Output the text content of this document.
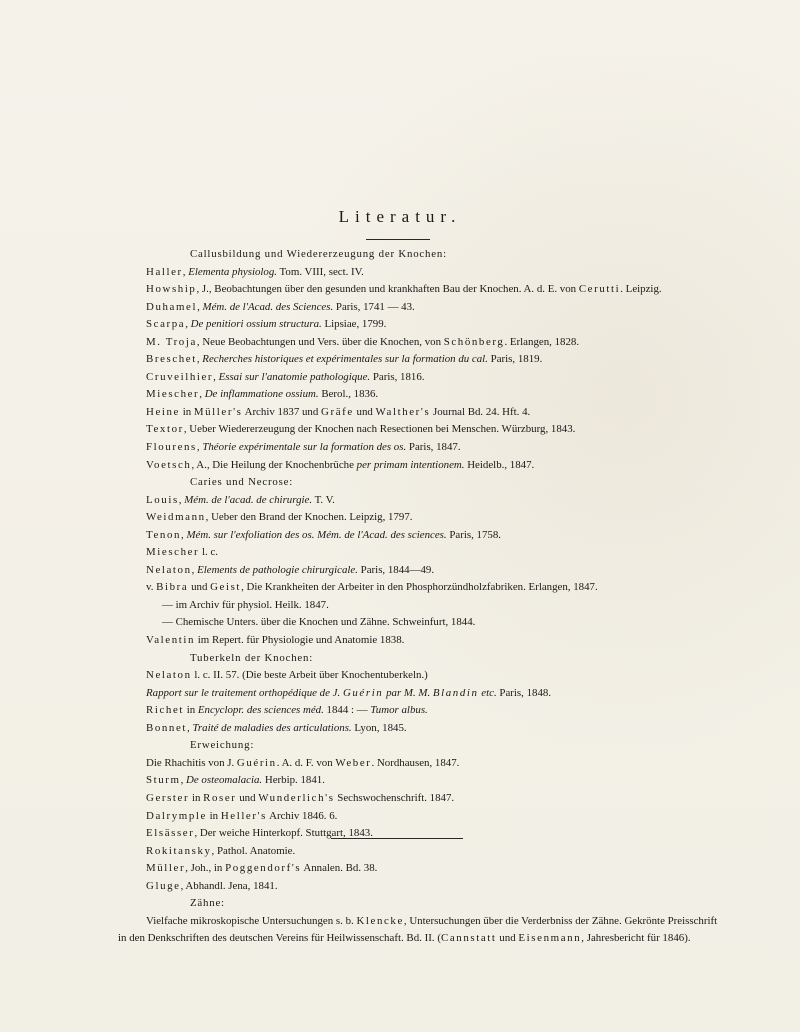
Literatur.
Callusbildung und Wiedererzeugung der Knochen:
Haller, Elementa physiolog. Tom. VIII, sect. IV.
Howship, J., Beobachtungen über den gesunden und krankhaften Bau der Knochen. A. d. E. von Cerutti. Leipzig.
Duhamel, Mém. de l'Acad. des Sciences. Paris, 1741 — 43.
Scarpa, De penitiori ossium structura. Lipsiae, 1799.
M. Troja, Neue Beobachtungen und Vers. über die Knochen, von Schönberg. Erlangen, 1828.
Breschet, Recherches historiques et expérimentales sur la formation du cal. Paris, 1819.
Cruveilhier, Essai sur l'anatomie pathologique. Paris, 1816.
Miescher, De inflammatione ossium. Berol., 1836.
Heine in Müller's Archiv 1837 und Gräfe und Walther's Journal Bd. 24. Hft. 4.
Textor, Ueber Wiedererzeugung der Knochen nach Resectionen bei Menschen. Würzburg, 1843.
Flourens, Théorie expérimentale sur la formation des os. Paris, 1847.
Voetsch, A., Die Heilung der Knochenbrüche per primam intentionem. Heidelb., 1847.
Caries und Necrose:
Louis, Mém. de l'acad. de chirurgie. T. V.
Weidmann, Ueber den Brand der Knochen. Leipzig, 1797.
Tenon, Mém. sur l'exfoliation des os. Mém. de l'Acad. des sciences. Paris, 1758.
Miescher l. c.
Nelaton, Elements de pathologie chirurgicale. Paris, 1844—49.
v. Bibra und Geist, Die Krankheiten der Arbeiter in den Phosphorzündholzfabriken. Erlangen, 1847.
— im Archiv für physiol. Heilk. 1847.
— Chemische Unters. über die Knochen und Zähne. Schweinfurt, 1844.
Valentin im Repert. für Physiologie und Anatomie 1838.
Tuberkeln der Knochen:
Nelaton l. c. II. 57. (Die beste Arbeit über Knochentuberkeln.)
Rapport sur le traitement orthopédique de J. Guérin par M. M. Blandin etc. Paris, 1848.
Richet in Encyclopr. des sciences méd. 1844 : — Tumor albus.
Bonnet, Traité de maladies des articulations. Lyon, 1845.
Erweichung:
Die Rhachitis von J. Guérin. A. d. F. von Weber. Nordhausen, 1847.
Sturm, De osteomalacia. Herbip. 1841.
Gerster in Roser und Wunderlich's Sechswochenschrift. 1847.
Dalrymple in Heller's Archiv 1846. 6.
Elsässer, Der weiche Hinterkopf. Stuttgart, 1843.
Rokitansky, Pathol. Anatomie.
Müller, Joh., in Poggendorf's Annalen. Bd. 38.
Gluge, Abhandl. Jena, 1841.
Zähne:
Vielfache mikroskopische Untersuchungen s. b. Klencke, Untersuchungen über die Verderbniss der Zähne. Gekrönte Preisschrift
in den Denkschriften des deutschen Vereins für Heilwissenschaft. Bd. II. (Cannstatt und Eisenmann, Jahresbericht für 1846).
